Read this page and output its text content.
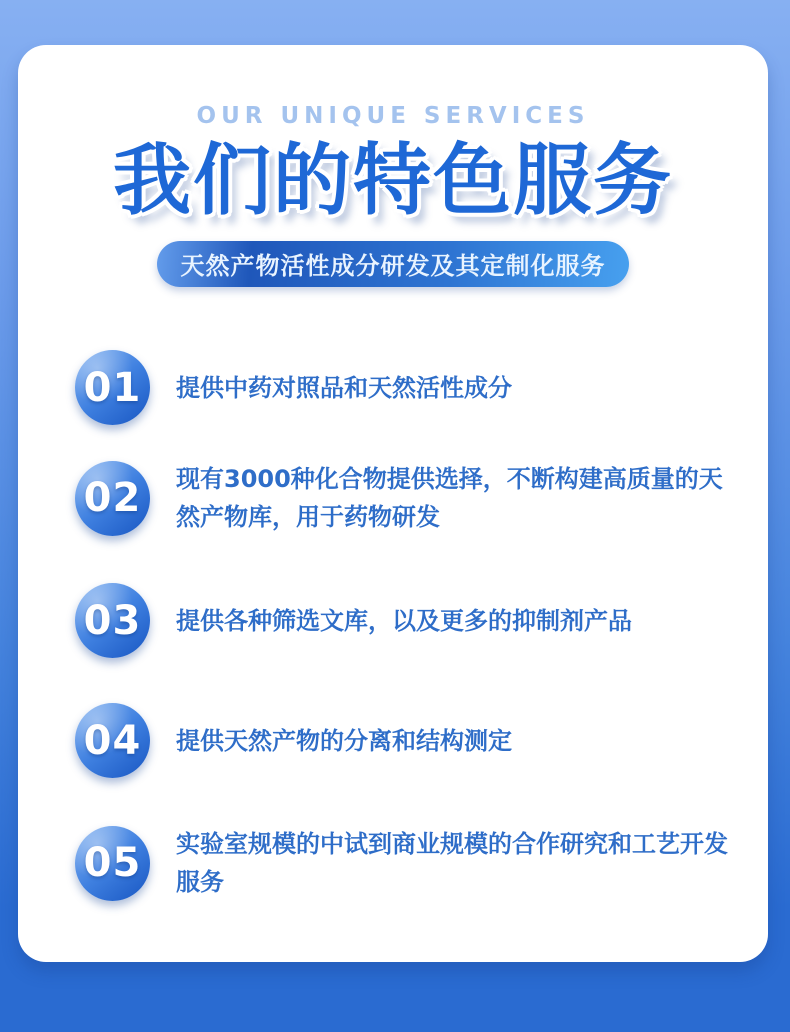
OUR UNIQUE SERVICES
我们的特色服务
天然产物活性成分研发及其定制化服务
01 提供中药对照品和天然活性成分
02 现有3000种化合物提供选择，不断构建高质量的天然产物库，用于药物研发
03 提供各种筛选文库，以及更多的抑制剂产品
04 提供天然产物的分离和结构测定
05 实验室规模的中试到商业规模的合作研究和工艺开发服务
